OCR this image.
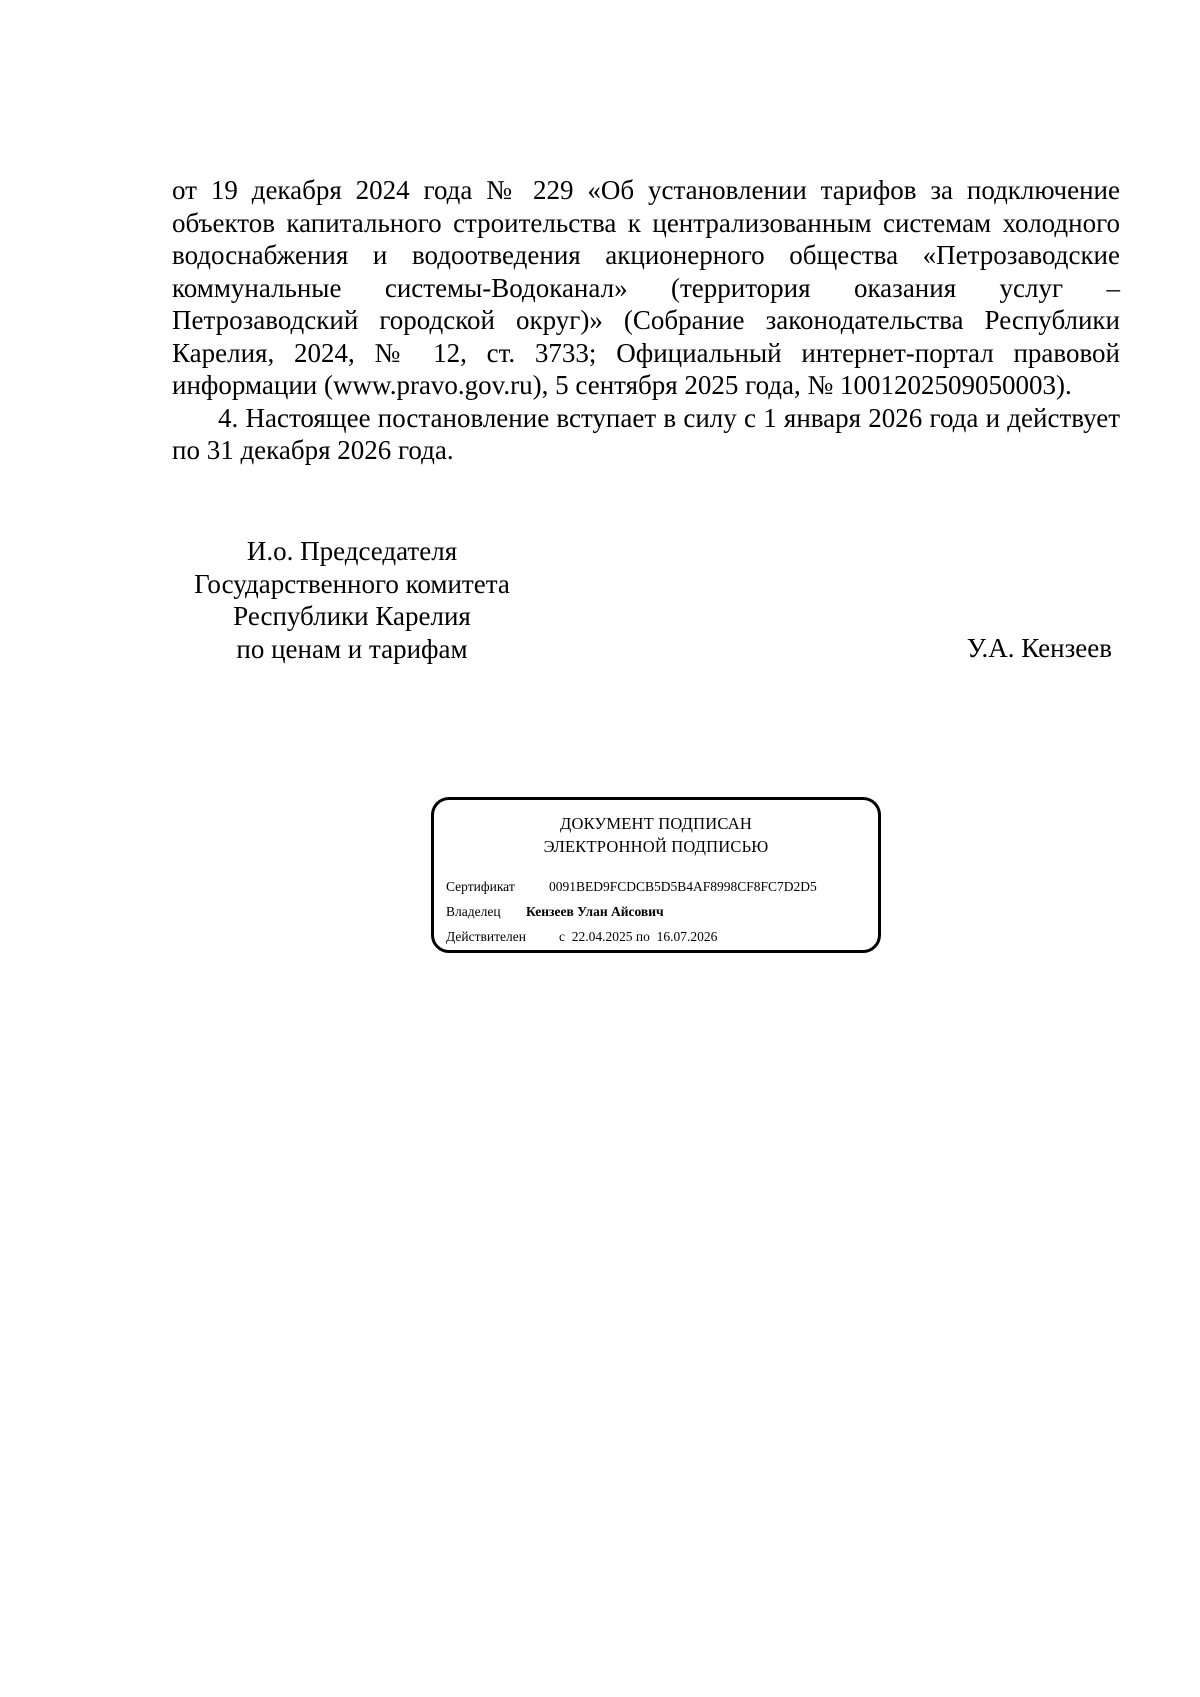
от 19 декабря 2024 года № 229 «Об установлении тарифов за подключение объектов капитального строительства к централизованным системам холодного водоснабжения и водоотведения акционерного общества «Петрозаводские коммунальные системы-Водоканал» (территория оказания услуг – Петрозаводский городской округ)» (Собрание законодательства Республики Карелия, 2024, № 12, ст. 3733; Официальный интернет-портал правовой информации (www.pravo.gov.ru), 5 сентября 2025 года, № 1001202509050003).

4. Настоящее постановление вступает в силу с 1 января 2026 года и действует по 31 декабря 2026 года.

И.о. Председателя
Государственного комитета
Республики Карелия
по ценам и тарифам	У.А. Кензеев
ДОКУМЕНТ ПОДПИСАН
ЭЛЕКТРОННОЙ ПОДПИСЬЮ
Сертификат	0091BED9FCDCB5D5B4AF8998CF8FC7D2D5
Владелец Кензеев Улан Айсович
Действителен с  22.04.2025 по  16.07.2026
